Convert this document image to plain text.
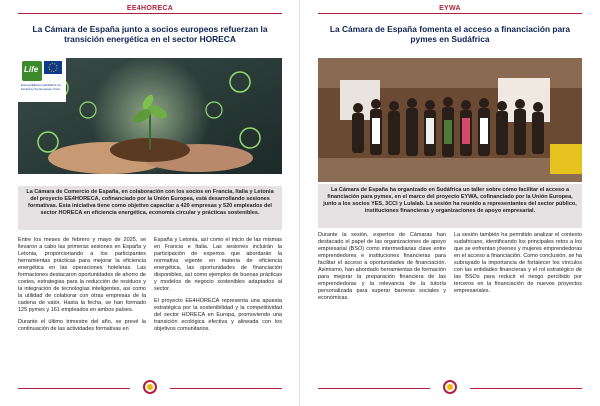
EE4HORECA
La Cámara de España junto a socios europeos refuerzan la transición energética en el sector HORECA
Life
Energy4EfficiencyHORECA Co-funded by the European Union
La Cámara de Comercio de España, en colaboración con los socios en Francia, Italia y Letonia del proyecto EE4HORECA, cofinanciado por la Unión Europea, está desarrollando sesiones formativas. Esta iniciativa tiene como objetivo capacitar a 420 empresas y 520 empleados del sector HORECA en eficiencia energética, economía circular y prácticas sostenibles.

Entre los meses de febrero y mayo de 2025, se llevaron a cabo las primeras sesiones en España y Letonia, proporcionando a los participantes herramientas prácticas para mejorar la eficiencia energética en las operaciones hoteleras. Las formaciones destacaron oportunidades de ahorro de costes, estrategias para la reducción de residuos y la integración de tecnologías inteligentes, así como la utilidad de colaborar con otras empresas de la cadena de valor. Hasta la fecha, se han formado 125 pymes y 161 empleados en ambos países.

Durante el último trimestre del año, se prevé la continuación de las actividades formativas en

España y Letonia, así como el inicio de las mismas en Francia e Italia. Las sesiones incluirán la participación de expertos que abordarán la normativa vigente en materia de eficiencia energética, las oportunidades de financiación disponibles, así como ejemplos de buenas prácticas y modelos de negocio sostenibles adaptados al sector.

El proyecto EE4HORECA representa una apuesta estratégica por la sostenibilidad y la competitividad del sector HORECA en Europa, promoviendo una transición ecológica efectiva y alineada con los objetivos comunitarios.

EYWA
La Cámara de España fomenta el acceso a financiación para pymes en Sudáfrica
La Cámara de España ha organizado en Sudáfrica un taller sobre cómo facilitar el acceso a financiación para pymes, en el marco del proyecto EYWA, cofinanciado por la Unión Europea, junto a los socios YES, 3CCI y Lulalab. La sesión ha reunido a representantes del sector público, instituciones financieras y organizaciones de apoyo empresarial.

Durante la sesión, expertos de Cámaras han destacado el papel de las organizaciones de apoyo empresarial (BSO) como intermediarias clave entre emprendedores e instituciones financieras para facilitar el acceso a oportunidades de financiación. Asimismo, han abordado herramientas de formación para mejorar la preparación financiera de las emprendedoras y la relevancia de la tutoría personalizada para superar barreras sociales y económicas.

La sesión también ha permitido analizar el contexto sudafricano, identificando los principales retos a los que se enfrentan jóvenes y mujeres emprendedoras en el acceso a financiación. Como conclusión, se ha subrayado la importancia de fortalecer los vínculos con las entidades financieras y el rol estratégico de las BSOs para reducir el riesgo percibido por terceros en la financiación de nuevos proyectos empresariales.
